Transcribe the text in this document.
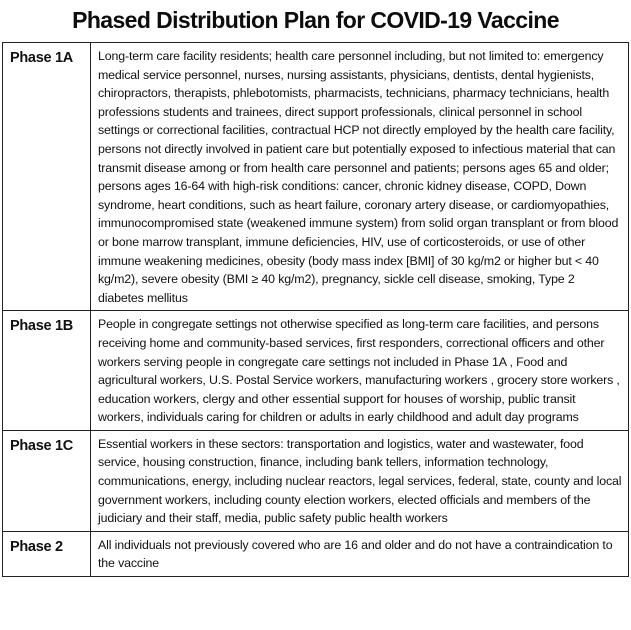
Phased Distribution Plan for COVID-19 Vaccine
Phase 1A	Long-term care facility residents; health care personnel including, but not limited to: emergency medical service personnel, nurses, nursing assistants, physicians, dentists, dental hygienists, chiropractors, therapists, phlebotomists, pharmacists, technicians, pharmacy technicians, health professions students and trainees, direct support professionals, clinical personnel in school settings or correctional facilities, contractual HCP not directly employed by the health care facility, persons not directly involved in patient care but potentially exposed to infectious material that can transmit disease among or from health care personnel and patients; persons ages 65 and older; persons ages 16-64 with high-risk conditions: cancer, chronic kidney disease, COPD, Down syndrome, heart conditions, such as heart failure, coronary artery disease, or cardiomyopathies, immunocompromised state (weakened immune system) from solid organ transplant or from blood or bone marrow transplant, immune deficiencies, HIV, use of corticosteroids, or use of other immune weakening medicines, obesity (body mass index [BMI] of 30 kg/m2 or higher but < 40 kg/m2), severe obesity (BMI ≥ 40 kg/m2), pregnancy, sickle cell disease, smoking, Type 2 diabetes mellitus
Phase 1B	People in congregate settings not otherwise specified as long-term care facilities, and persons receiving home and community-based services, first responders, correctional officers and other workers serving people in congregate care settings not included in Phase 1A , Food and agricultural workers, U.S. Postal Service workers, manufacturing workers , grocery store workers , education workers, clergy and other essential support for houses of worship, public transit workers, individuals caring for children or adults in early childhood and adult day programs
Phase 1C	Essential workers in these sectors: transportation and logistics, water and wastewater, food service, housing construction, finance, including bank tellers, information technology, communications, energy, including nuclear reactors, legal services, federal, state, county and local government workers, including county election workers, elected officials and members of the judiciary and their staff, media, public safety public health workers
Phase 2	All individuals not previously covered who are 16 and older and do not have a contraindication to the vaccine
